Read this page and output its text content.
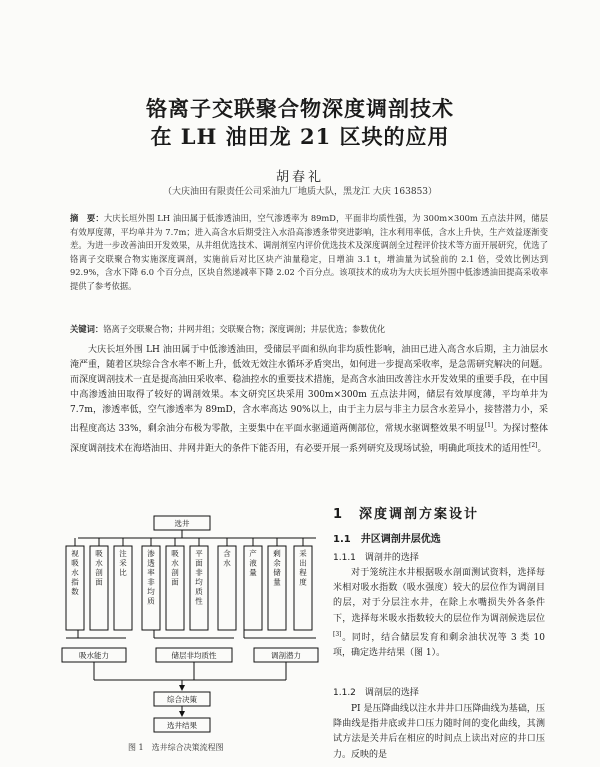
铬离子交联聚合物深度调剖技术
在 LH 油田龙 21 区块的应用
胡春礼
（大庆油田有限责任公司采油九厂地质大队，黑龙江 大庆 163853）
摘　要：大庆长垣外围 LH 油田属于低渗透油田，空气渗透率为 89mD，平面非均质性强，为 300m×300m 五点法井网，储层有效厚度薄，平均单井为 7.7m；进入高含水后期受注入水沿高渗透条带突进影响，注水利用率低，含水上升快，生产效益逐渐变差。为进一步改善油田开发效果，从井组优选技术、调剖剂室内评价优选技术及深度调剖全过程评价技术等方面开展研究，优选了铬离子交联聚合物实施深度调剖，实施前后对比区块产油量稳定，日增油 3.1 t，增油量为试验前的 2.1 倍，受效比例达到 92.9%，含水下降 6.0 个百分点，区块自然递减率下降 2.02 个百分点。该项技术的成功为大庆长垣外围中低渗透油田提高采收率提供了参考依据。
关键词：铬离子交联聚合物；井网井组；交联聚合物；深度调剖；井层优选；参数优化
大庆长垣外围 LH 油田属于中低渗透油田，受储层平面和纵向非均质性影响，油田已进入高含水后期，主力油层水淹严重，随着区块综合含水率不断上升，低效无效注水循环矛盾突出，如何进一步提高采收率，是急需研究解决的问题。而深度调剖技术一直是提高油田采收率、稳油控水的重要技术措施，是高含水油田改善注水开发效果的重要手段，在中国中高渗透油田取得了较好的调剖效果。本文研究区块采用 300m×300m 五点法井网，储层有效厚度薄，平均单井为 7.7m，渗透率低，空气渗透率为 89mD，含水率高达 90%以上，由于主力层与非主力层含水差异小，接替潜力小，采出程度高达 33%，剩余油分布极为零散，主要集中在平面水驱通道两侧部位，常规水驱调整效果不明显[1]。为探讨整体深度调剖技术在海塔油田、井网井距大的条件下能否用，有必要开展一系列研究及现场试验，明确此项技术的适用性[2]。
选井
视吸水指数
吸水剖面
注采比
渗透率非均质
吸水剖面
平面非均质性
含水
产液量
剩余储量
采出程度
吸水能力	储层非均质性	调剖潜力
综合决策
选井结果
图 1　选井综合决策流程图
1　深度调剖方案设计
1.1　井区调剖井层优选
1.1.1　调剖井的选择
对于笼统注水井根据吸水剖面测试资料，选择每米相对吸水指数（吸水强度）较大的层位作为调剖目的层，对于分层注水井，在除上水嘴损失外各条件下，选择每米吸水指数较大的层位作为调剖候选层位[3]。同时，结合储层发育和剩余油状况等 3 类 10 项，确定选井结果（图 1）。
1.1.2　调剖层的选择
PI 是压降曲线以注水井井口压降曲线为基础，压降曲线是指井底或井口压力随时间的变化曲线，其测试方法是关井后在相应的时间点上读出对应的井口压力。反映的是
